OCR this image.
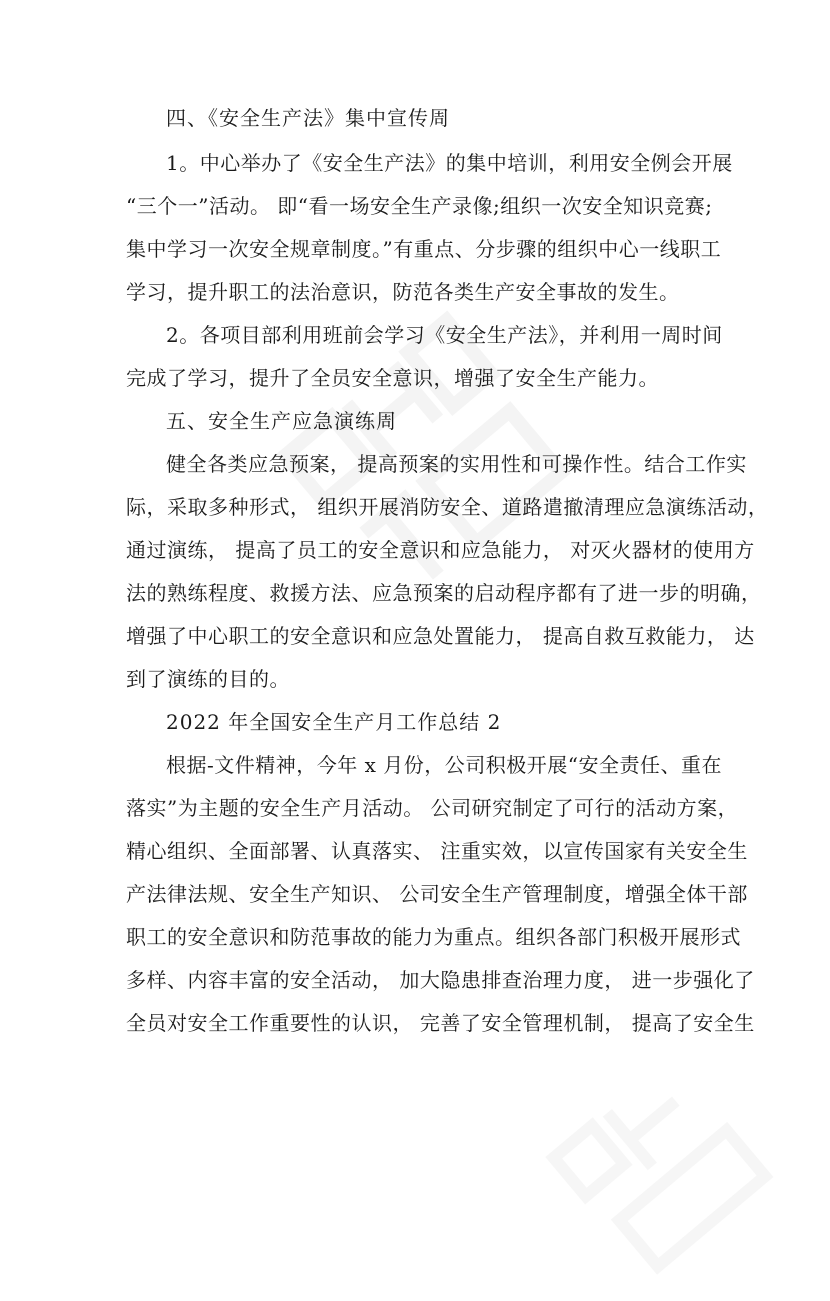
四、《安全生产法》集中宣传周
1。中心举办了《安全生产法》的集中培训，利用安全例会开展
“三个一”活动。 即“看一场安全生产录像;组织一次安全知识竞赛;
集中学习一次安全规章制度。”有重点、分步骤的组织中心一线职工
学习，提升职工的法治意识，防范各类生产安全事故的发生。
2。各项目部利用班前会学习《安全生产法》，并利用一周时间
完成了学习，提升了全员安全意识，增强了安全生产能力。
五、安全生产应急演练周
健全各类应急预案， 提高预案的实用性和可操作性。结合工作实
际，采取多种形式， 组织开展消防安全、道路遣撤清理应急演练活动，
通过演练， 提高了员工的安全意识和应急能力， 对灭火器材的使用方
法的熟练程度、救援方法、应急预案的启动程序都有了进一步的明确，
增强了中心职工的安全意识和应急处置能力， 提高自救互救能力， 达
到了演练的目的。
2022 年全国安全生产月工作总结 2
根据-文件精神，今年 x 月份，公司积极开展“安全责任、重在
落实”为主题的安全生产月活动。 公司研究制定了可行的活动方案，
精心组织、全面部署、认真落实、 注重实效，以宣传国家有关安全生
产法律法规、安全生产知识、 公司安全生产管理制度，增强全体干部
职工的安全意识和防范事故的能力为重点。组织各部门积极开展形式
多样、内容丰富的安全活动， 加大隐患排查治理力度， 进一步强化了
全员对安全工作重要性的认识， 完善了安全管理机制， 提高了安全生
